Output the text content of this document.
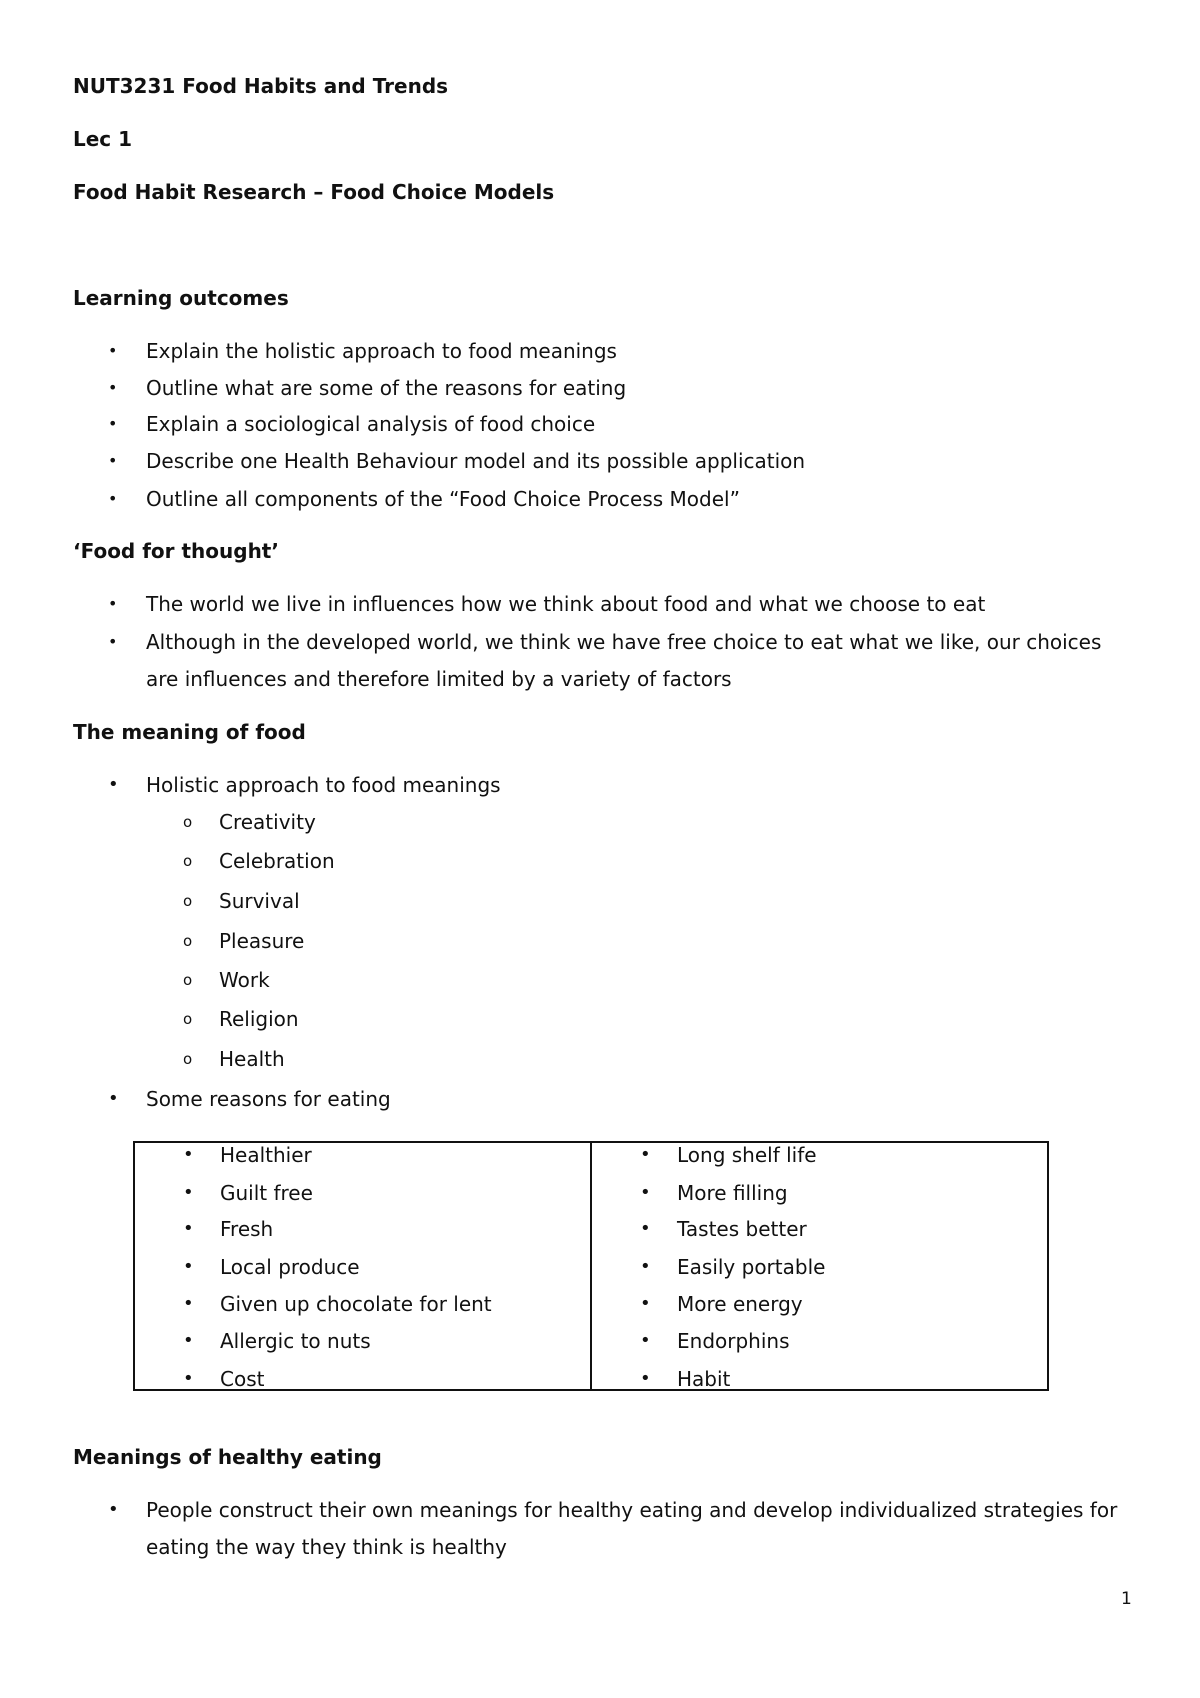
NUT3231 Food Habits and Trends
Lec 1
Food Habit Research – Food Choice Models
Learning outcomes
• Explain the holistic approach to food meanings
• Outline what are some of the reasons for eating
• Explain a sociological analysis of food choice
• Describe one Health Behaviour model and its possible application
• Outline all components of the “Food Choice Process Model”
‘Food for thought’
• The world we live in influences how we think about food and what we choose to eat
• Although in the developed world, we think we have free choice to eat what we like, our choices
are influences and therefore limited by a variety of factors
The meaning of food
• Holistic approach to food meanings
o Creativity
o Celebration
o Survival
o Pleasure
o Work
o Religion
o Health
• Some reasons for eating
• Healthier
• Guilt free
• Fresh
• Local produce
• Given up chocolate for lent
• Allergic to nuts
• Cost
• Long shelf life
• More filling
• Tastes better
• Easily portable
• More energy
• Endorphins
• Habit
Meanings of healthy eating
• People construct their own meanings for healthy eating and develop individualized strategies for
eating the way they think is healthy
1
